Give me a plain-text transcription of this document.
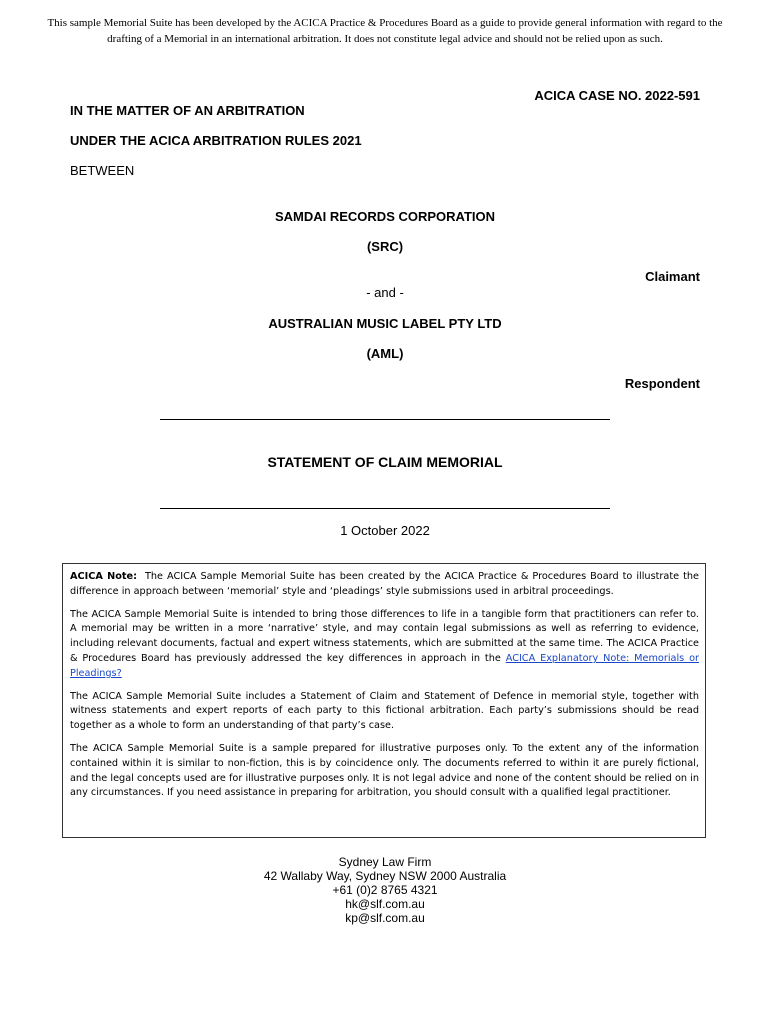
This sample Memorial Suite has been developed by the ACICA Practice & Procedures Board as a guide to provide general information with regard to the drafting of a Memorial in an international arbitration. It does not constitute legal advice and should not be relied upon as such.
ACICA CASE NO. 2022-591
IN THE MATTER OF AN ARBITRATION
UNDER THE ACICA ARBITRATION RULES 2021
BETWEEN
SAMDAI RECORDS CORPORATION
(SRC)
Claimant
- and -
AUSTRALIAN MUSIC LABEL PTY LTD
(AML)
Respondent
STATEMENT OF CLAIM MEMORIAL
1 October 2022

ACICA Note: The ACICA Sample Memorial Suite has been created by the ACICA Practice & Procedures Board to illustrate the difference in approach between ‘memorial’ style and ‘pleadings’ style submissions used in arbitral proceedings.

The ACICA Sample Memorial Suite is intended to bring those differences to life in a tangible form that practitioners can refer to. A memorial may be written in a more ‘narrative’ style, and may contain legal submissions as well as referring to evidence, including relevant documents, factual and expert witness statements, which are submitted at the same time. The ACICA Practice & Procedures Board has previously addressed the key differences in approach in the ACICA Explanatory Note: Memorials or Pleadings?

The ACICA Sample Memorial Suite includes a Statement of Claim and Statement of Defence in memorial style, together with witness statements and expert reports of each party to this fictional arbitration. Each party’s submissions should be read together as a whole to form an understanding of that party’s case.

The ACICA Sample Memorial Suite is a sample prepared for illustrative purposes only. To the extent any of the information contained within it is similar to non-fiction, this is by coincidence only. The documents referred to within it are purely fictional, and the legal concepts used are for illustrative purposes only. It is not legal advice and none of the content should be relied on in any circumstances. If you need assistance in preparing for arbitration, you should consult with a qualified legal practitioner.

Sydney Law Firm
42 Wallaby Way, Sydney NSW 2000 Australia
+61 (0)2 8765 4321
hk@slf.com.au
kp@slf.com.au
